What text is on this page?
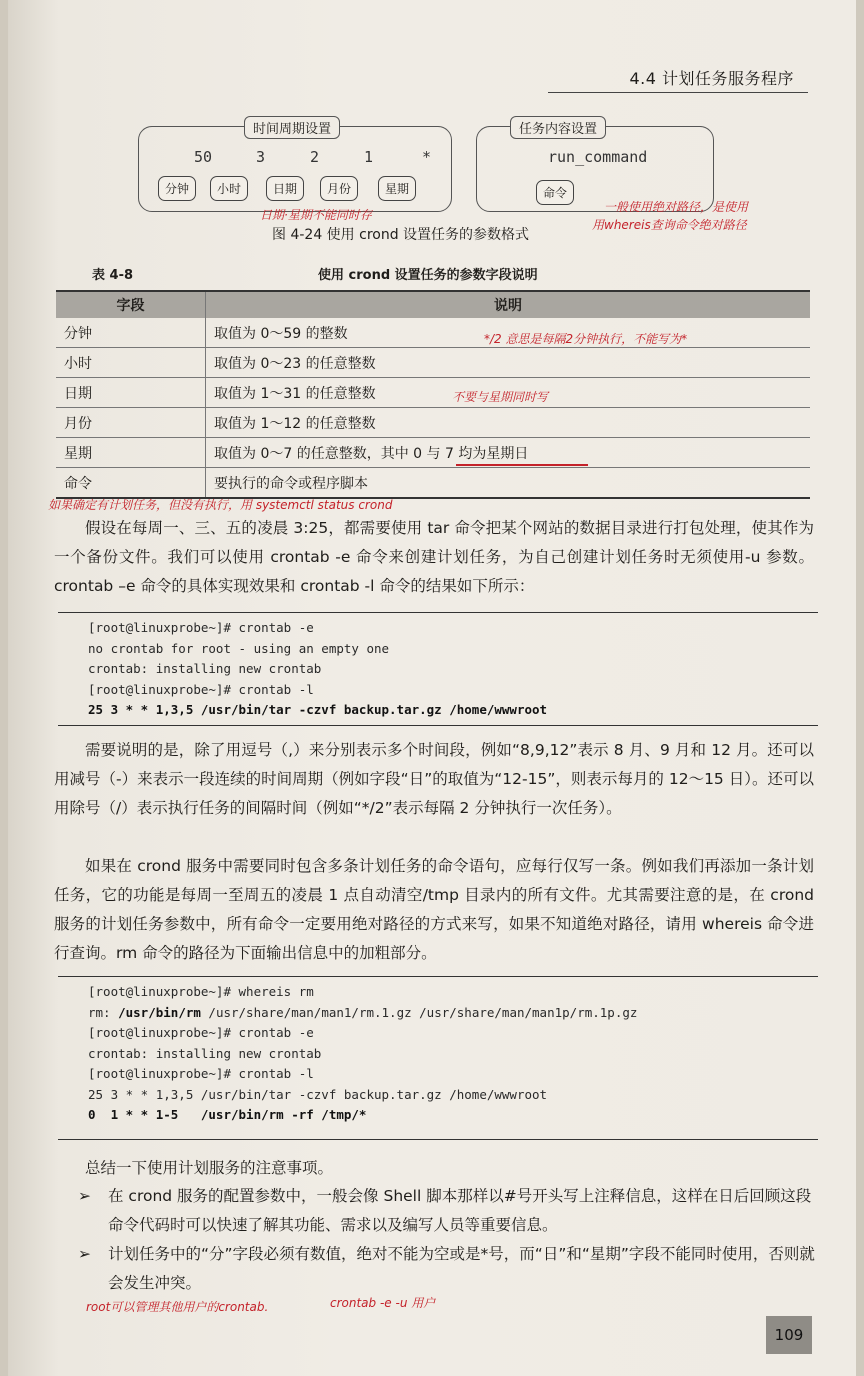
4.4 计划任务服务程序
时间周期设置
50	3	2	1	*
分钟	小时	日期	月份	星期
任务内容设置
run_command
命令
图 4-24 使用 crond 设置任务的参数格式
日期·星期不能同时存
一般使用绝对路径，是使用
用whereis查询命令绝对路径
表 4-8	使用 crond 设置任务的参数字段说明
字段	说明
分钟	取值为 0～59 的整数
小时	取值为 0～23 的任意整数
日期	取值为 1～31 的任意整数
月份	取值为 1～12 的任意整数
星期	取值为 0～7 的任意整数，其中 0 与 7 均为星期日
命令	要执行的命令或程序脚本
*/2 意思是每隔2分钟执行，不能写为*
不要与星期同时写
如果确定有计划任务，但没有执行，用 systemctl status crond

假设在每周一、三、五的凌晨 3:25，都需要使用 tar 命令把某个网站的数据目录进行打包处理，使其作为一个备份文件。我们可以使用 crontab -e 命令来创建计划任务，为自己创建计划任务时无须使用-u 参数。crontab –e 命令的具体实现效果和 crontab -l 命令的结果如下所示：

[root@linuxprobe~]# crontab -e
no crontab for root - using an empty one
crontab: installing new crontab
[root@linuxprobe~]# crontab -l
25 3 * * 1,3,5 /usr/bin/tar -czvf backup.tar.gz /home/wwwroot

需要说明的是，除了用逗号（,）来分别表示多个时间段，例如“8,9,12”表示 8 月、9 月和 12 月。还可以用减号（-）来表示一段连续的时间周期（例如字段“日”的取值为“12-15”，则表示每月的 12～15 日）。还可以用除号（/）表示执行任务的间隔时间（例如“*/2”表示每隔 2 分钟执行一次任务）。

如果在 crond 服务中需要同时包含多条计划任务的命令语句，应每行仅写一条。例如我们再添加一条计划任务，它的功能是每周一至周五的凌晨 1 点自动清空/tmp 目录内的所有文件。尤其需要注意的是，在 crond 服务的计划任务参数中，所有命令一定要用绝对路径的方式来写，如果不知道绝对路径，请用 whereis 命令进行查询。rm 命令的路径为下面输出信息中的加粗部分。

[root@linuxprobe~]# whereis rm
rm: /usr/bin/rm /usr/share/man/man1/rm.1.gz /usr/share/man/man1p/rm.1p.gz
[root@linuxprobe~]# crontab -e
crontab: installing new crontab
[root@linuxprobe~]# crontab -l
25 3 * * 1,3,5 /usr/bin/tar -czvf backup.tar.gz /home/wwwroot
0  1 * * 1-5   /usr/bin/rm -rf /tmp/*

总结一下使用计划服务的注意事项。

➢	在 crond 服务的配置参数中，一般会像 Shell 脚本那样以#号开头写上注释信息，这样在日后回顾这段命令代码时可以快速了解其功能、需求以及编写人员等重要信息。
➢	计划任务中的“分”字段必须有数值，绝对不能为空或是*号，而“日”和“星期”字段不能同时使用，否则就会发生冲突。
root可以管理其他用户的crontab.	crontab -e -u 用户
109
